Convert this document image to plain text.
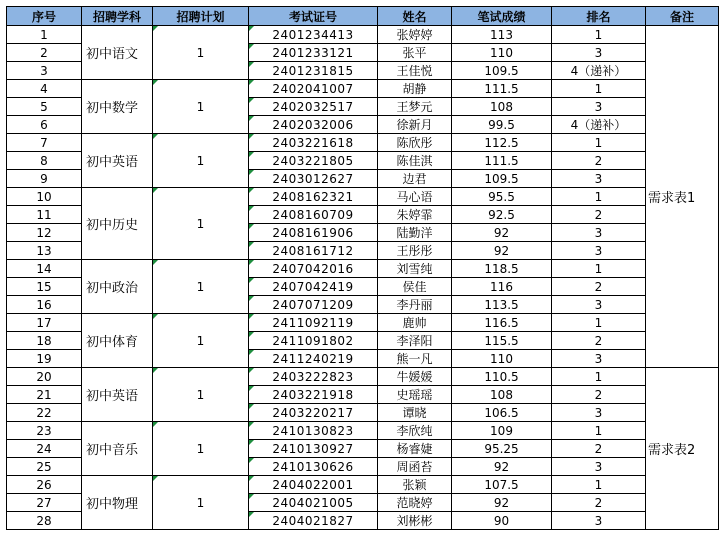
序号	招聘学科	招聘计划	考试证号	姓名	笔试成绩	排名	备注
1	初中语文	1	2401234413	张婷婷	113	1	需求表1
2			2401233121	张平	110	3	
3			2401231815	王佳悦	109.5	4（递补）	
4	初中数学	1	2402041007	胡静	111.5	1	
5			2402032517	王梦元	108	3	
6			2402032006	徐新月	99.5	4（递补）	
7	初中英语	1	2403221618	陈欣彤	112.5	1	
8			2403221805	陈佳淇	111.5	2	
9			2403012627	边君	109.5	3	
10	初中历史	1	2408162321	马心语	95.5	1	
11			2408160709	朱婷霏	92.5	2	
12			2408161906	陆勤洋	92	3	
13			2408161712	王彤彤	92	3	
14	初中政治	1	2407042016	刘雪纯	118.5	1	
15			2407042419	侯佳	116	2	
16			2407071209	李丹丽	113.5	3	
17	初中体育	1	2411092119	鹿帅	116.5	1	
18			2411091802	李泽阳	115.5	2	
19			2411240219	熊一凡	110	3	
20	初中英语	1	2403222823	牛媛媛	110.5	1	需求表2
21			2403221918	史瑶瑶	108	2	
22			2403220217	谭晓	106.5	3	
23	初中音乐	1	2410130823	李欣纯	109	1	
24			2410130927	杨睿婕	95.25	2	
25			2410130626	周函苔	92	3	
26	初中物理	1	2404022001	张颖	107.5	1	
27			2404021005	范晓婷	92	2	
28			2404021827	刘彬彬	90	3	
